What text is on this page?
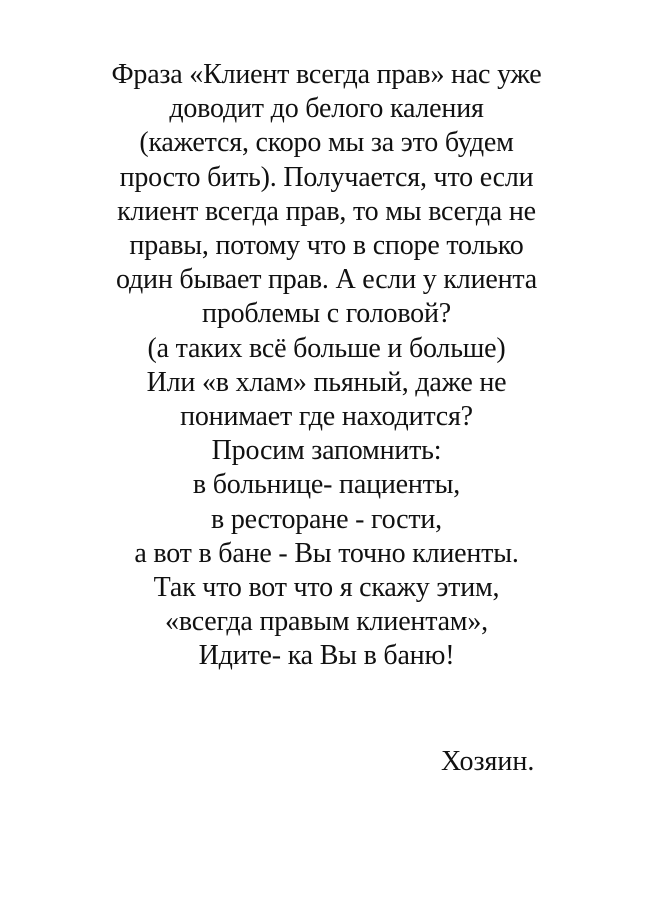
Фраза «Клиент всегда прав» нас уже
доводит до белого каления
(кажется, скоро мы за это будем
просто бить). Получается, что если
клиент всегда прав, то мы всегда не
правы, потому что в споре только
один бывает прав. А если у клиента
проблемы с головой?
(а таких всё больше и больше)
Или «в хлам» пьяный, даже не
понимает где находится?
Просим запомнить:
в больнице- пациенты,
в ресторане - гости,
а вот в бане - Вы точно клиенты.
Так что вот что я скажу этим,
«всегда правым клиентам»,
Идите- ка Вы в баню!
Хозяин.
